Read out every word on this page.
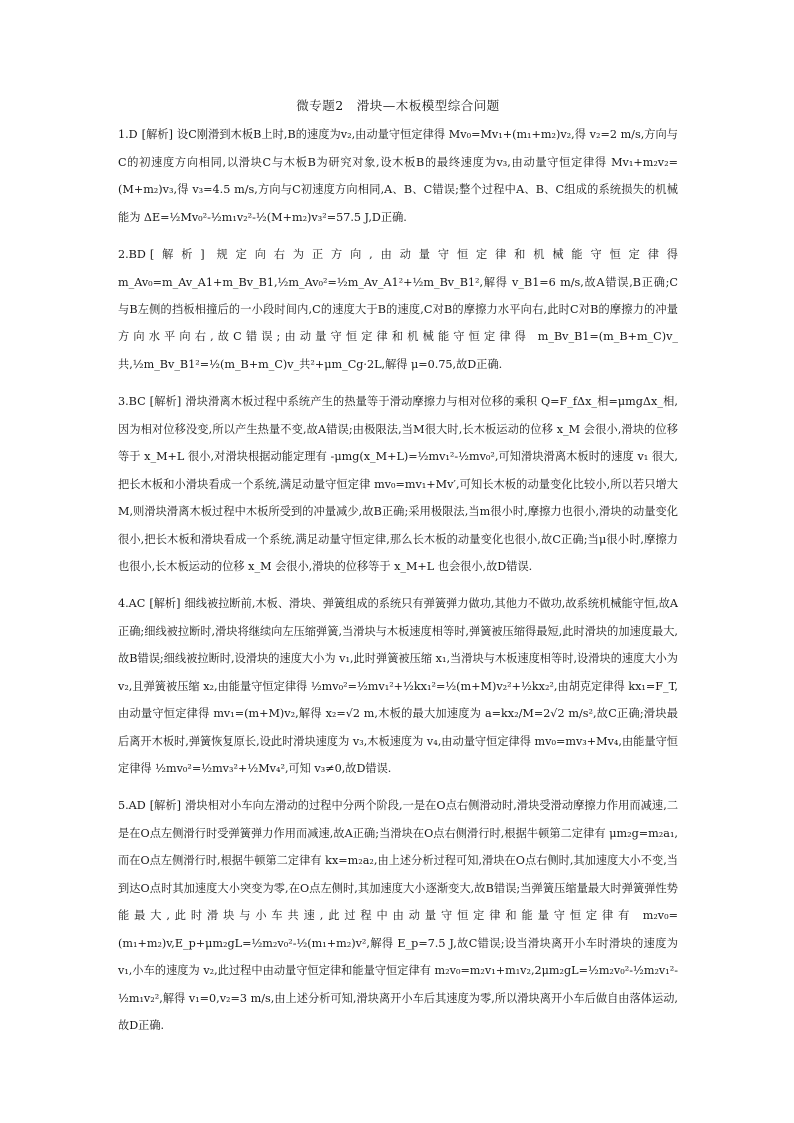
微专题2　滑块—木板模型综合问题

1.D [解析] 设C刚滑到木板B上时,B的速度为v₂,由动量守恒定律得 Mv₀=Mv₁+(m₁+m₂)v₂,得 v₂=2 m/s,方向与C的初速度方向相同,以滑块C与木板B为研究对象,设木板B的最终速度为v₃,由动量守恒定律得 Mv₁+m₂v₂=(M+m₂)v₃,得 v₃=4.5 m/s,方向与C初速度方向相同,A、B、C错误;整个过程中A、B、C组成的系统损失的机械能为 ΔE=½Mv₀²-½m₁v₂²-½(M+m₂)v₃²=57.5 J,D正确.

2.BD [解析] 规定向右为正方向,由动量守恒定律和机械能守恒定律得 m_Av₀=m_Av_A1+m_Bv_B1,½m_Av₀²=½m_Av_A1²+½m_Bv_B1²,解得 v_B1=6 m/s,故A错误,B正确;C与B左侧的挡板相撞后的一小段时间内,C的速度大于B的速度,C对B的摩擦力水平向右,此时C对B的摩擦力的冲量方向水平向右,故C错误;由动量守恒定律和机械能守恒定律得 m_Bv_B1=(m_B+m_C)v_共,½m_Bv_B1²=½(m_B+m_C)v_共²+μm_Cg·2L,解得 μ=0.75,故D正确.

3.BC [解析] 滑块滑离木板过程中系统产生的热量等于滑动摩擦力与相对位移的乘积 Q=F_fΔx_相=μmgΔx_相,因为相对位移没变,所以产生热量不变,故A错误;由极限法,当M很大时,长木板运动的位移 x_M 会很小,滑块的位移等于 x_M+L 很小,对滑块根据动能定理有 -μmg(x_M+L)=½mv₁²-½mv₀²,可知滑块滑离木板时的速度 v₁ 很大,把长木板和小滑块看成一个系统,满足动量守恒定律 mv₀=mv₁+Mv′,可知长木板的动量变化比较小,所以若只增大M,则滑块滑离木板过程中木板所受到的冲量减少,故B正确;采用极限法,当m很小时,摩擦力也很小,滑块的动量变化很小,把长木板和滑块看成一个系统,满足动量守恒定律,那么长木板的动量变化也很小,故C正确;当μ很小时,摩擦力也很小,长木板运动的位移 x_M 会很小,滑块的位移等于 x_M+L 也会很小,故D错误.

4.AC [解析] 细线被拉断前,木板、滑块、弹簧组成的系统只有弹簧弹力做功,其他力不做功,故系统机械能守恒,故A正确;细线被拉断时,滑块将继续向左压缩弹簧,当滑块与木板速度相等时,弹簧被压缩得最短,此时滑块的加速度最大,故B错误;细线被拉断时,设滑块的速度大小为 v₁,此时弹簧被压缩 x₁,当滑块与木板速度相等时,设滑块的速度大小为 v₂,且弹簧被压缩 x₂,由能量守恒定律得 ½mv₀²=½mv₁²+½kx₁²=½(m+M)v₂²+½kx₂²,由胡克定律得 kx₁=F_T,由动量守恒定律得 mv₁=(m+M)v₂,解得 x₂=√2 m,木板的最大加速度为 a=kx₂/M=2√2 m/s²,故C正确;滑块最后离开木板时,弹簧恢复原长,设此时滑块速度为 v₃,木板速度为 v₄,由动量守恒定律得 mv₀=mv₃+Mv₄,由能量守恒定律得 ½mv₀²=½mv₃²+½Mv₄²,可知 v₃≠0,故D错误.

5.AD [解析] 滑块相对小车向左滑动的过程中分两个阶段,一是在O点右侧滑动时,滑块受滑动摩擦力作用而减速,二是在O点左侧滑行时受弹簧弹力作用而减速,故A正确;当滑块在O点右侧滑行时,根据牛顿第二定律有 μm₂g=m₂a₁,而在O点左侧滑行时,根据牛顿第二定律有 kx=m₂a₂,由上述分析过程可知,滑块在O点右侧时,其加速度大小不变,当到达O点时其加速度大小突变为零,在O点左侧时,其加速度大小逐渐变大,故B错误;当弹簧压缩量最大时弹簧弹性势能最大,此时滑块与小车共速,此过程中由动量守恒定律和能量守恒定律有 m₂v₀=(m₁+m₂)v,E_p+μm₂gL=½m₂v₀²-½(m₁+m₂)v²,解得 E_p=7.5 J,故C错误;设当滑块离开小车时滑块的速度为 v₁,小车的速度为 v₂,此过程中由动量守恒定律和能量守恒定律有 m₂v₀=m₂v₁+m₁v₂,2μm₂gL=½m₂v₀²-½m₂v₁²-½m₁v₂²,解得 v₁=0,v₂=3 m/s,由上述分析可知,滑块离开小车后其速度为零,所以滑块离开小车后做自由落体运动,故D正确.
